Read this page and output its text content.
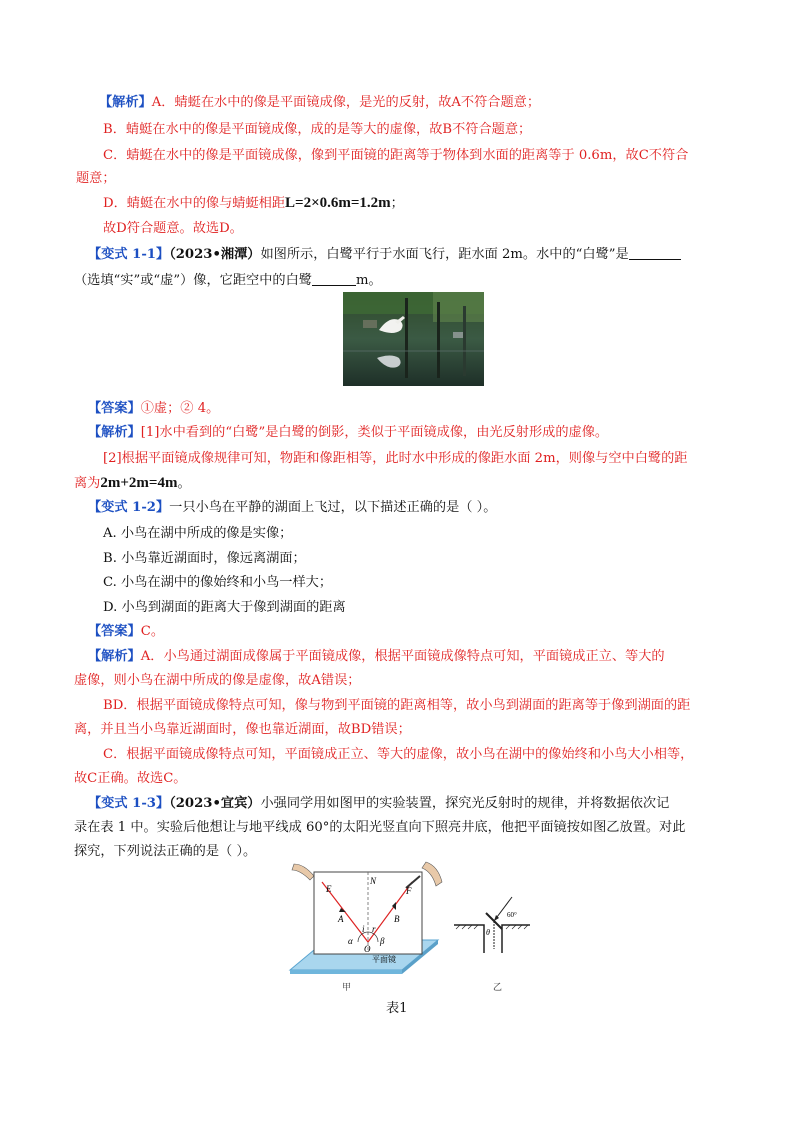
【解析】A．蜻蜓在水中的像是平面镜成像，是光的反射，故A不符合题意；
B．蜻蜓在水中的像是平面镜成像，成的是等大的虚像，故B不符合题意；
C．蜻蜓在水中的像是平面镜成像，像到平面镜的距离等于物体到水面的距离等于 0.6m，故C不符合
题意；
D．蜻蜓在水中的像与蜻蜓相距L=2×0.6m=1.2m；
故D符合题意。故选D。
【变式 1-1】（2023•湘潭）如图所示，白鹭平行于水面飞行，距水面 2m。水中的“白鹭”是
（选填“实”或“虚”）像，它距空中的白鹭	m。
【答案】①虚；② 4。
【解析】[1]水中看到的“白鹭”是白鹭的倒影，类似于平面镜成像，由光反射形成的虚像。
[2]根据平面镜成像规律可知，物距和像距相等，此时水中形成的像距水面 2m，则像与空中白鹭的距
离为2m+2m=4m。
【变式 1-2】一只小鸟在平静的湖面上飞过，以下描述正确的是（ ）。
A. 小鸟在湖中所成的像是实像；
B. 小鸟靠近湖面时，像远离湖面；
C. 小鸟在湖中的像始终和小鸟一样大；
D. 小鸟到湖面的距离大于像到湖面的距离
【答案】C。
【解析】A．小鸟通过湖面成像属于平面镜成像，根据平面镜成像特点可知，平面镜成正立、等大的
虚像，则小鸟在湖中所成的像是虚像，故A错误；
BD．根据平面镜成像特点可知，像与物到平面镜的距离相等，故小鸟到湖面的距离等于像到湖面的距
离，并且当小鸟靠近湖面时，像也靠近湖面，故BD错误；
C．根据平面镜成像特点可知，平面镜成正立、等大的虚像，故小鸟在湖中的像始终和小鸟大小相等，
故C正确。故选C。
【变式 1-3】（2023•宜宾）小强同学用如图甲的实验装置，探究光反射时的规律，并将数据依次记
录在表 1 中。实验后他想让与地平线成 60°的太阳光竖直向下照亮井底，他把平面镜按如图乙放置。对此
探究，下列说法正确的是（ ）。
E
N
F
A	B
i r
α	β
O
平面镜
60°
θ
甲	乙
表1
